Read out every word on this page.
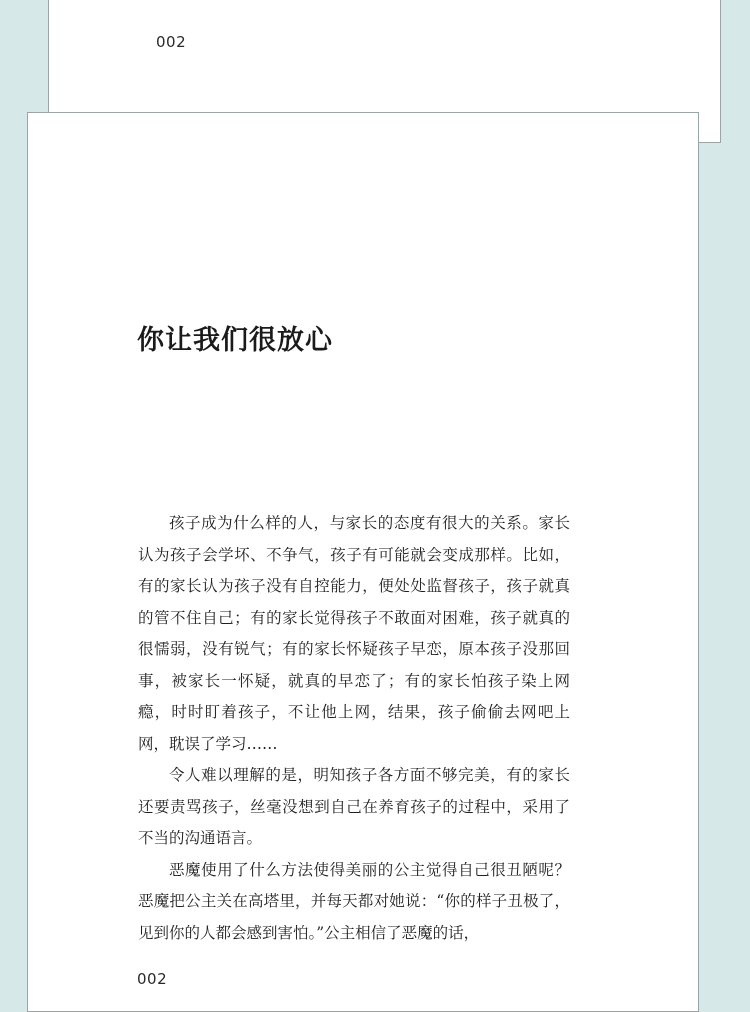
002
你让我们很放心

孩子成为什么样的人，与家长的态度有很大的关系。家长认为孩子会学坏、不争气，孩子有可能就会变成那样。比如，有的家长认为孩子没有自控能力，便处处监督孩子，孩子就真的管不住自己；有的家长觉得孩子不敢面对困难，孩子就真的很懦弱，没有锐气；有的家长怀疑孩子早恋，原本孩子没那回事，被家长一怀疑，就真的早恋了；有的家长怕孩子染上网瘾，时时盯着孩子，不让他上网，结果，孩子偷偷去网吧上网，耽误了学习……

令人难以理解的是，明知孩子各方面不够完美，有的家长还要责骂孩子，丝毫没想到自己在养育孩子的过程中，采用了不当的沟通语言。

恶魔使用了什么方法使得美丽的公主觉得自己很丑陋呢？恶魔把公主关在高塔里，并每天都对她说：“你的样子丑极了，见到你的人都会感到害怕。”公主相信了恶魔的话，

002
